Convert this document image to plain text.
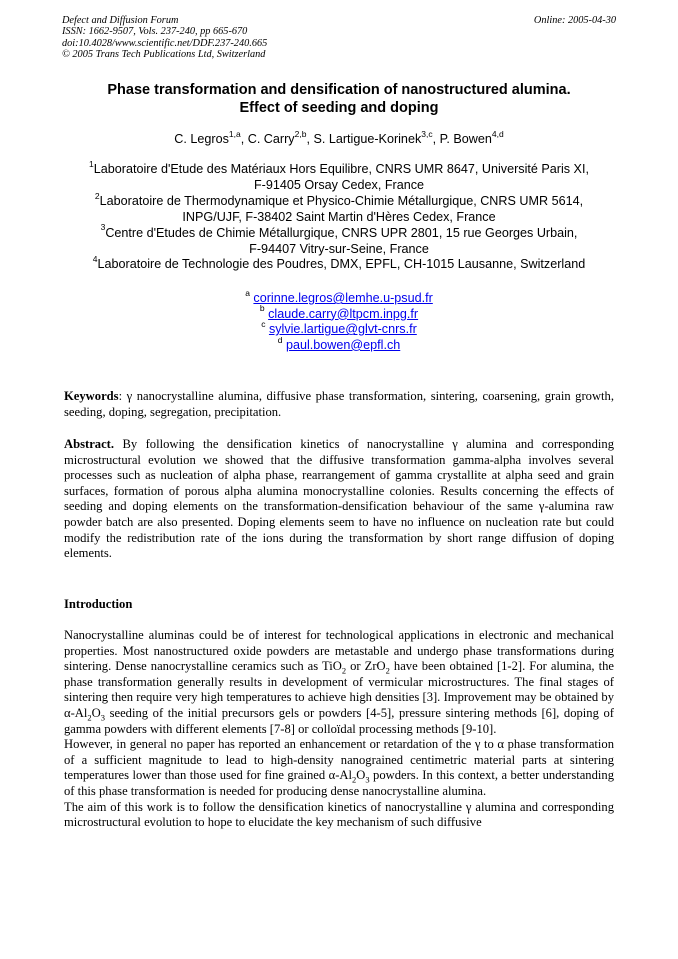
Defect and Diffusion Forum
ISSN: 1662-9507, Vols. 237-240, pp 665-670
doi:10.4028/www.scientific.net/DDF.237-240.665
© 2005 Trans Tech Publications Ltd, Switzerland
Online: 2005-04-30
Phase transformation and densification of nanostructured alumina.
Effect of seeding and doping
C. Legros$^{1,a}$, C. Carry$^{2,b}$, S. Lartigue-Korinek$^{3,c}$, P. Bowen$^{4,d}$
$^1$Laboratoire d'Etude des Matériaux Hors Equilibre, CNRS UMR 8647, Université Paris XI,
F-91405 Orsay Cedex, France
$^2$Laboratoire de Thermodynamique et Physico-Chimie Métallurgique, CNRS UMR 5614,
INPG/UJF, F-38402 Saint Martin d'Hères Cedex, France
$^3$Centre d'Etudes de Chimie Métallurgique, CNRS UPR 2801, 15 rue Georges Urbain,
F-94407 Vitry-sur-Seine, France
$^4$Laboratoire de Technologie des Poudres, DMX, EPFL, CH-1015 Lausanne, Switzerland
$^a$ corinne.legros@lemhe.u-psud.fr
$^b$ claude.carry@ltpcm.inpg.fr
$^c$ sylvie.lartigue@glvt-cnrs.fr
$^d$ paul.bowen@epfl.ch

Keywords: γ nanocrystalline alumina, diffusive phase transformation, sintering, coarsening, grain growth, seeding, doping, segregation, precipitation.

Abstract. By following the densification kinetics of nanocrystalline γ alumina and corresponding microstructural evolution we showed that the diffusive transformation gamma-alpha involves several processes such as nucleation of alpha phase, rearrangement of gamma crystallite at alpha seed and grain surfaces, formation of porous alpha alumina monocrystalline colonies. Results concerning the effects of seeding and doping elements on the transformation-densification behaviour of the same γ-alumina raw powder batch are also presented. Doping elements seem to have no influence on nucleation rate but could modify the redistribution rate of the ions during the transformation by short range diffusion of doping elements.

Introduction

Nanocrystalline aluminas could be of interest for technological applications in electronic and mechanical properties. Most nanostructured oxide powders are metastable and undergo phase transformations during sintering. Dense nanocrystalline ceramics such as TiO$_2$ or ZrO$_2$ have been obtained [1-2]. For alumina, the phase transformation generally results in development of vermicular microstructures. The final stages of sintering then require very high temperatures to achieve high densities [3]. Improvement may be obtained by $\alpha-Al_2O_3$ seeding of the initial precursors gels or powders [4-5], pressure sintering methods [6], doping of gamma powders with different elements [7-8] or colloïdal processing methods [9-10].

However, in general no paper has reported an enhancement or retardation of the γ to α phase transformation of a sufficient magnitude to lead to high-density nanograined centimetric material parts at sintering temperatures lower than those used for fine grained $\alpha-Al_2O_3$ powders. In this context, a better understanding of this phase transformation is needed for producing dense nanocrystalline alumina.

The aim of this work is to follow the densification kinetics of nanocrystalline γ alumina and corresponding microstructural evolution to hope to elucidate the key mechanism of such diffusive
